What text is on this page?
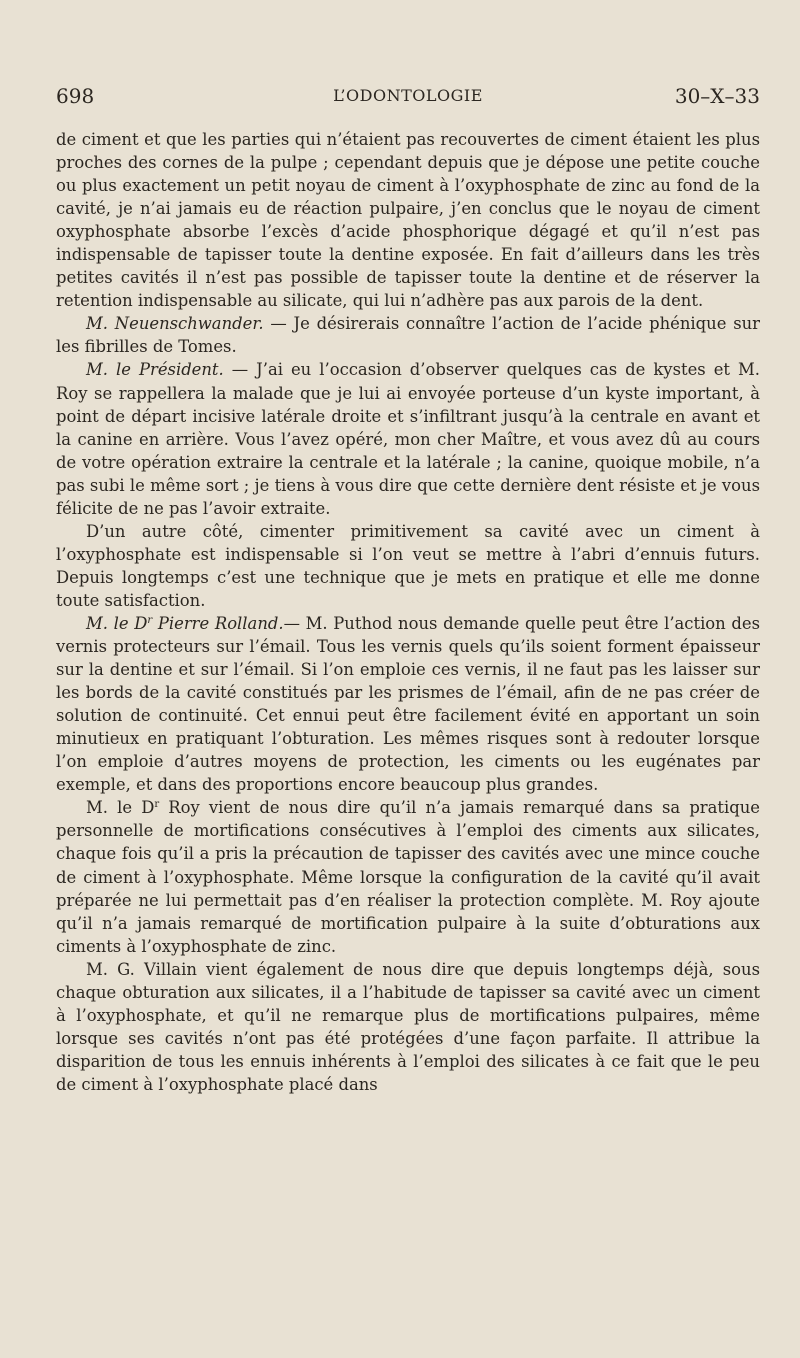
698	L’ODONTOLOGIE	30–X–33

de ciment et que les parties qui n’étaient pas recouvertes de ciment étaient les plus proches des cornes de la pulpe ; cependant depuis que je dépose une petite couche ou plus exactement un petit noyau de ciment à l’oxyphosphate de zinc au fond de la cavité, je n’ai jamais eu de réaction pulpaire, j’en conclus que le noyau de ciment oxyphosphate absorbe l’excès d’acide phosphorique dégagé et qu’il n’est pas indispensable de tapisser toute la dentine exposée. En fait d’ailleurs dans les très petites cavités il n’est pas possible de tapisser toute la dentine et de réserver la retention indispensable au silicate, qui lui n’adhère pas aux parois de la dent.

M. Neuenschwander. — Je désirerais connaître l’action de l’acide phénique sur les fibrilles de Tomes.

M. le Président. — J’ai eu l’occasion d’observer quelques cas de kystes et M. Roy se rappellera la malade que je lui ai envoyée porteuse d’un kyste important, à point de départ incisive latérale droite et s’infiltrant jusqu’à la centrale en avant et la canine en arrière. Vous l’avez opéré, mon cher Maître, et vous avez dû au cours de votre opération extraire la centrale et la latérale ; la canine, quoique mobile, n’a pas subi le même sort ; je tiens à vous dire que cette dernière dent résiste et je vous félicite de ne pas l’avoir extraite.

D’un autre côté, cimenter primitivement sa cavité avec un ciment à l’oxyphosphate est indispensable si l’on veut se mettre à l’abri d’ennuis futurs. Depuis longtemps c’est une technique que je mets en pratique et elle me donne toute satisfaction.

M. le $D^r$ Pierre Rolland.— M. Puthod nous demande quelle peut être l’action des vernis protecteurs sur l’émail. Tous les vernis quels qu’ils soient forment épaisseur sur la dentine et sur l’émail. Si l’on emploie ces vernis, il ne faut pas les laisser sur les bords de la cavité constitués par les prismes de l’émail, afin de ne pas créer de solution de continuité. Cet ennui peut être facilement évité en apportant un soin minutieux en pratiquant l’obturation. Les mêmes risques sont à redouter lorsque l’on emploie d’autres moyens de protection, les ciments ou les eugénates par exemple, et dans des proportions encore beaucoup plus grandes.

M. le $D^r$ Roy vient de nous dire qu’il n’a jamais remarqué dans sa pratique personnelle de mortifications consécutives à l’emploi des ciments aux silicates, chaque fois qu’il a pris la précaution de tapisser des cavités avec une mince couche de ciment à l’oxyphosphate. Même lorsque la configuration de la cavité qu’il avait préparée ne lui permettait pas d’en réaliser la protection complète. M. Roy ajoute qu’il n’a jamais remarqué de mortification pulpaire à la suite d’obturations aux ciments à l’oxyphosphate de zinc.

M. G. Villain vient également de nous dire que depuis longtemps déjà, sous chaque obturation aux silicates, il a l’habitude de tapisser sa cavité avec un ciment à l’oxyphosphate, et qu’il ne remarque plus de mortifications pulpaires, même lorsque ses cavités n’ont pas été protégées d’une façon parfaite. Il attribue la disparition de tous les ennuis inhérents à l’emploi des silicates à ce fait que le peu de ciment à l’oxyphosphate placé dans
